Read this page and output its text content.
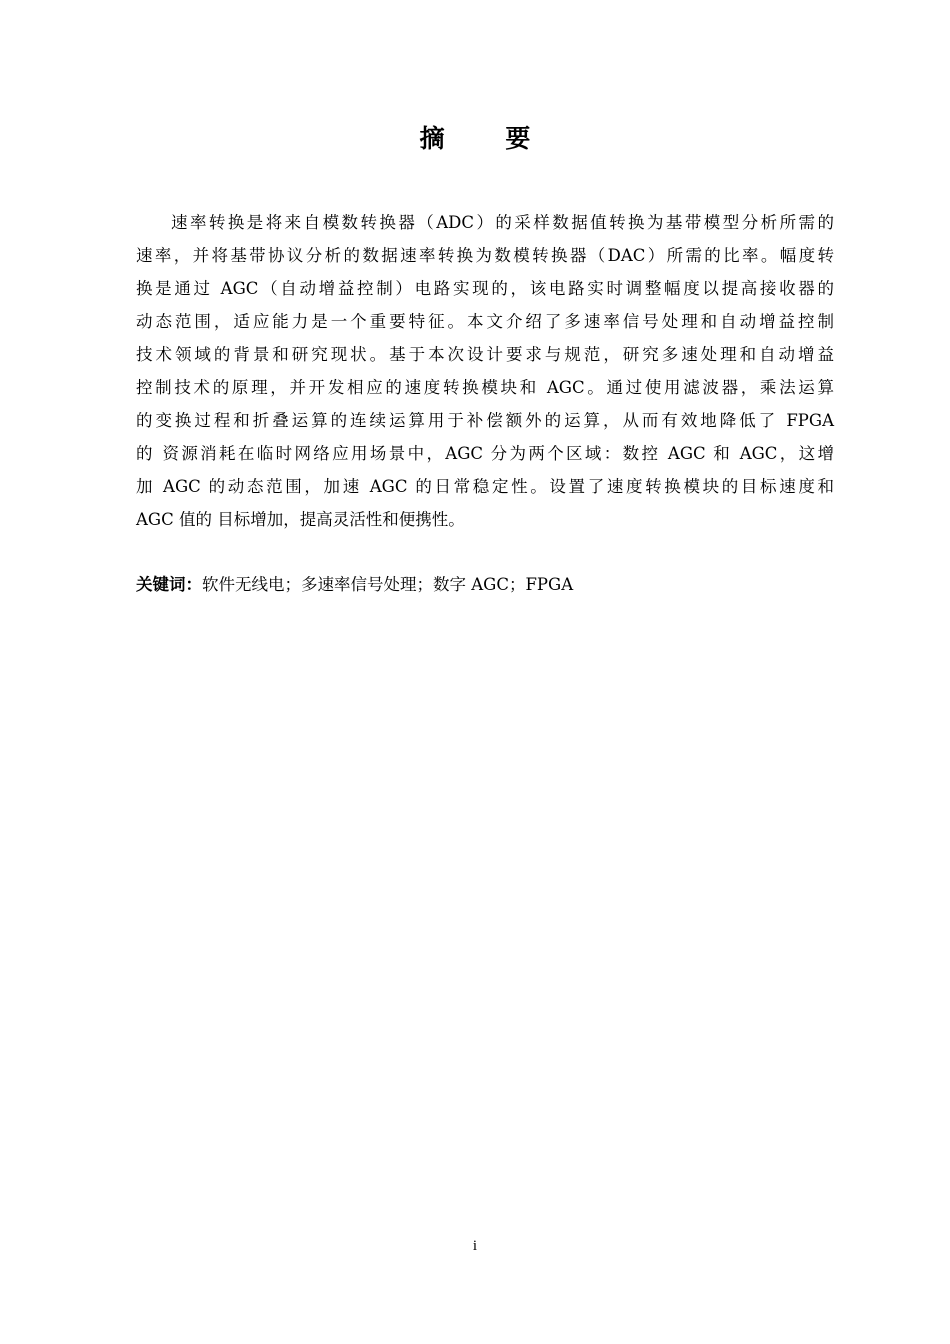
摘 要
速率转换是将来自模数转换器（ADC）的采样数据值转换为基带模型分析所需的
速率，并将基带协议分析的数据速率转换为数模转换器（DAC）所需的比率。幅度转
换是通过 AGC（自动增益控制）电路实现的，该电路实时调整幅度以提高接收器的
动态范围，适应能力是一个重要特征。本文介绍了多速率信号处理和自动增益控制
技术领域的背景和研究现状。基于本次设计要求与规范，研究多速处理和自动增益
控制技术的原理，并开发相应的速度转换模块和 AGC。通过使用滤波器，乘法运算
的变换过程和折叠运算的连续运算用于补偿额外的运算，从而有效地降低了 FPGA
的 资源消耗在临时网络应用场景中，AGC 分为两个区域：数控 AGC 和 AGC，这增
加 AGC 的动态范围，加速 AGC 的日常稳定性。设置了速度转换模块的目标速度和
AGC 值的 目标增加，提高灵活性和便携性。
关键词：软件无线电；多速率信号处理；数字 AGC；FPGA
i
